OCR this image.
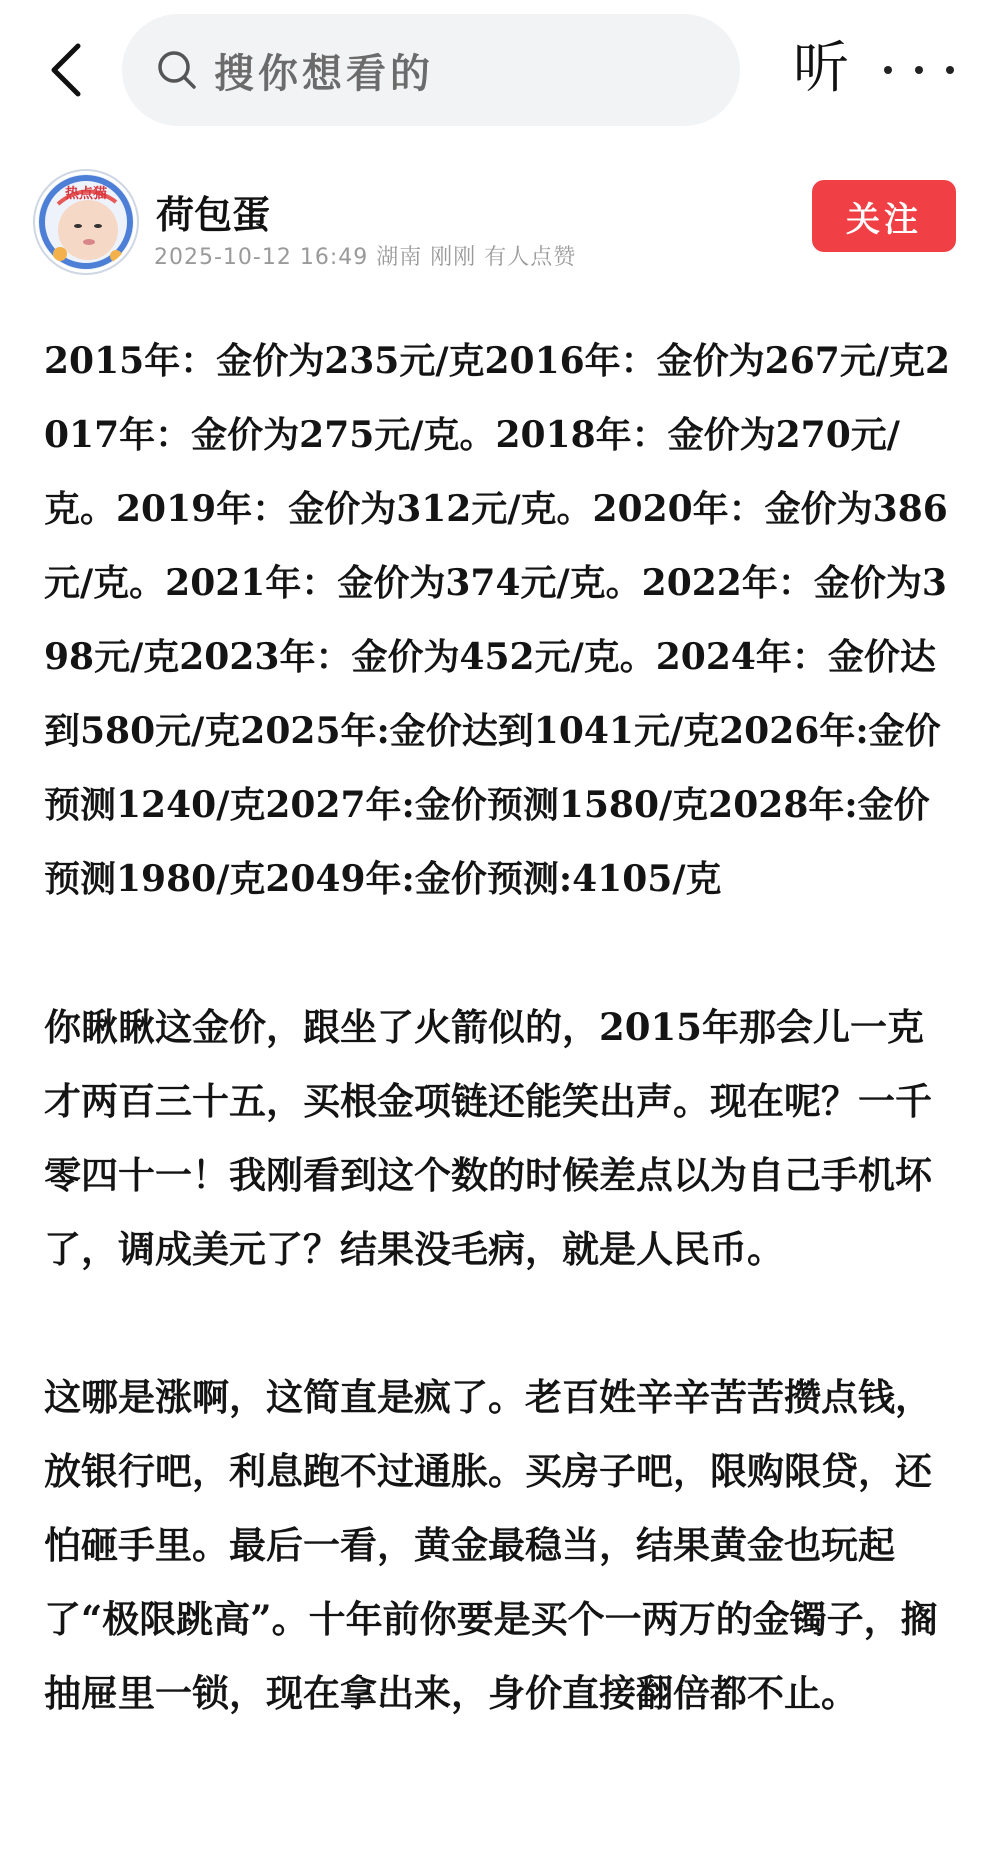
搜你想看的	听
热点猫 荷包蛋
2025-10-12 16:49 湖南 刚刚 有人点赞
关注

2015年：金价为235元/克2016年：金价为267元/克2017年：金价为275元/克。2018年：金价为270元/克。2019年：金价为312元/克。2020年：金价为386元/克。2021年：金价为374元/克。2022年：金价为398元/克2023年：金价为452元/克。2024年：金价达到580元/克2025年:金价达到1041元/克2026年:金价预测1240/克2027年:金价预测1580/克2028年:金价预测1980/克2049年:金价预测:4105/克

你瞅瞅这金价，跟坐了火箭似的，2015年那会儿一克才两百三十五，买根金项链还能笑出声。现在呢？一千零四十一！我刚看到这个数的时候差点以为自己手机坏了，调成美元了？结果没毛病，就是人民币。

这哪是涨啊，这简直是疯了。老百姓辛辛苦苦攒点钱，放银行吧，利息跑不过通胀。买房子吧，限购限贷，还怕砸手里。最后一看，黄金最稳当，结果黄金也玩起了“极限跳高”。十年前你要是买个一两万的金镯子，搁抽屉里一锁，现在拿出来，身价直接翻倍都不止。
